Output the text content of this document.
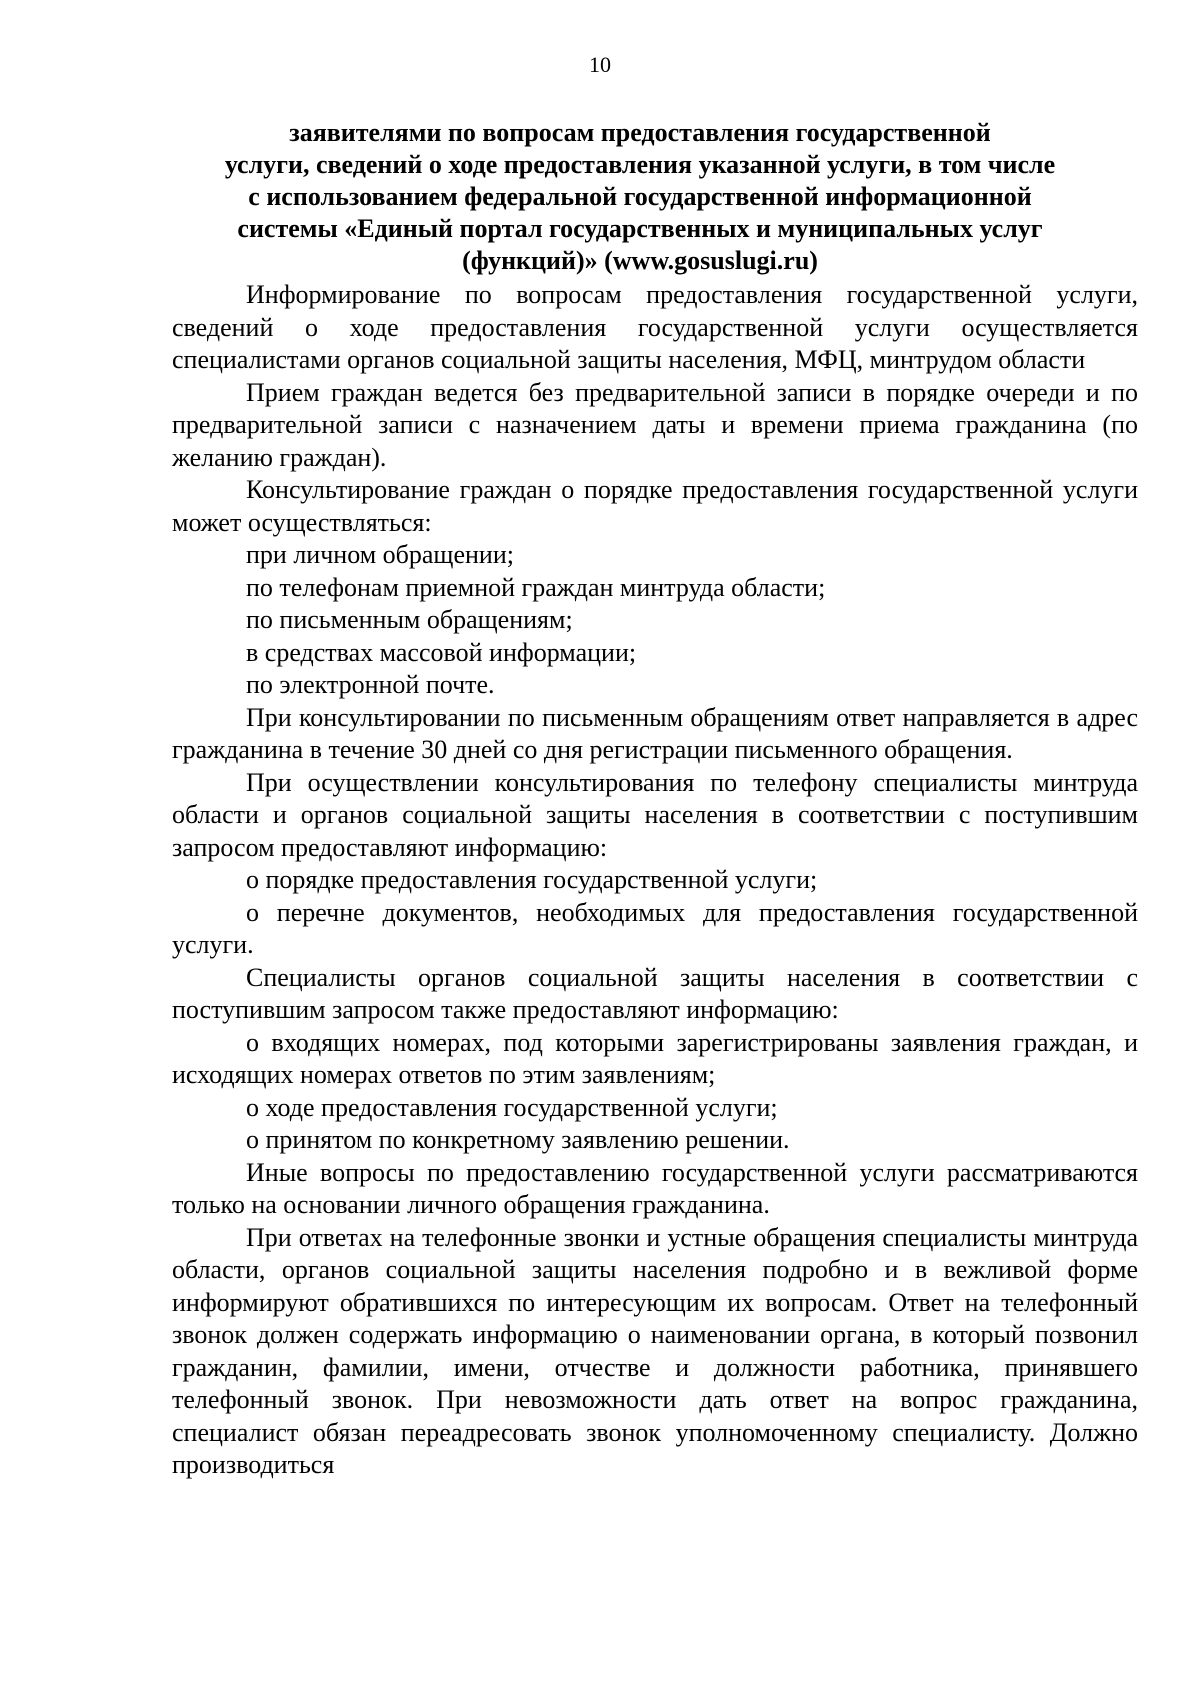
10
заявителями по вопросам предоставления государственной
услуги, сведений о ходе предоставления указанной услуги, в том числе
с использованием федеральной государственной информационной
системы «Единый портал государственных и муниципальных услуг
(функций)» (www.gosuslugi.ru)

Информирование по вопросам предоставления государственной услуги, сведений о ходе предоставления государственной услуги осуществляется специалистами органов социальной защиты населения, МФЦ, минтрудом области

Прием граждан ведется без предварительной записи в порядке очереди и по предварительной записи с назначением даты и времени приема гражданина (по желанию граждан).

Консультирование граждан о порядке предоставления государственной услуги может осуществляться:

при личном обращении;

по телефонам приемной граждан минтруда области;

по письменным обращениям;

в средствах массовой информации;

по электронной почте.

При консультировании по письменным обращениям ответ направляется в адрес гражданина в течение 30 дней со дня регистрации письменного обращения.

При осуществлении консультирования по телефону специалисты минтруда области и органов социальной защиты населения в соответствии с поступившим запросом предоставляют информацию:

о порядке предоставления государственной услуги;

о перечне документов, необходимых для предоставления государственной услуги.

Специалисты органов социальной защиты населения в соответствии с поступившим запросом также предоставляют информацию:

о входящих номерах, под которыми зарегистрированы заявления граждан, и исходящих номерах ответов по этим заявлениям;

о ходе предоставления государственной услуги;

о принятом по конкретному заявлению решении.

Иные вопросы по предоставлению государственной услуги рассматриваются только на основании личного обращения гражданина.

При ответах на телефонные звонки и устные обращения специалисты минтруда области, органов социальной защиты населения подробно и в вежливой форме информируют обратившихся по интересующим их вопросам. Ответ на телефонный звонок должен содержать информацию о наименовании органа, в который позвонил гражданин, фамилии, имени, отчестве и должности работника, принявшего телефонный звонок. При невозможности дать ответ на вопрос гражданина, специалист обязан переадресовать звонок уполномоченному специалисту. Должно производиться
